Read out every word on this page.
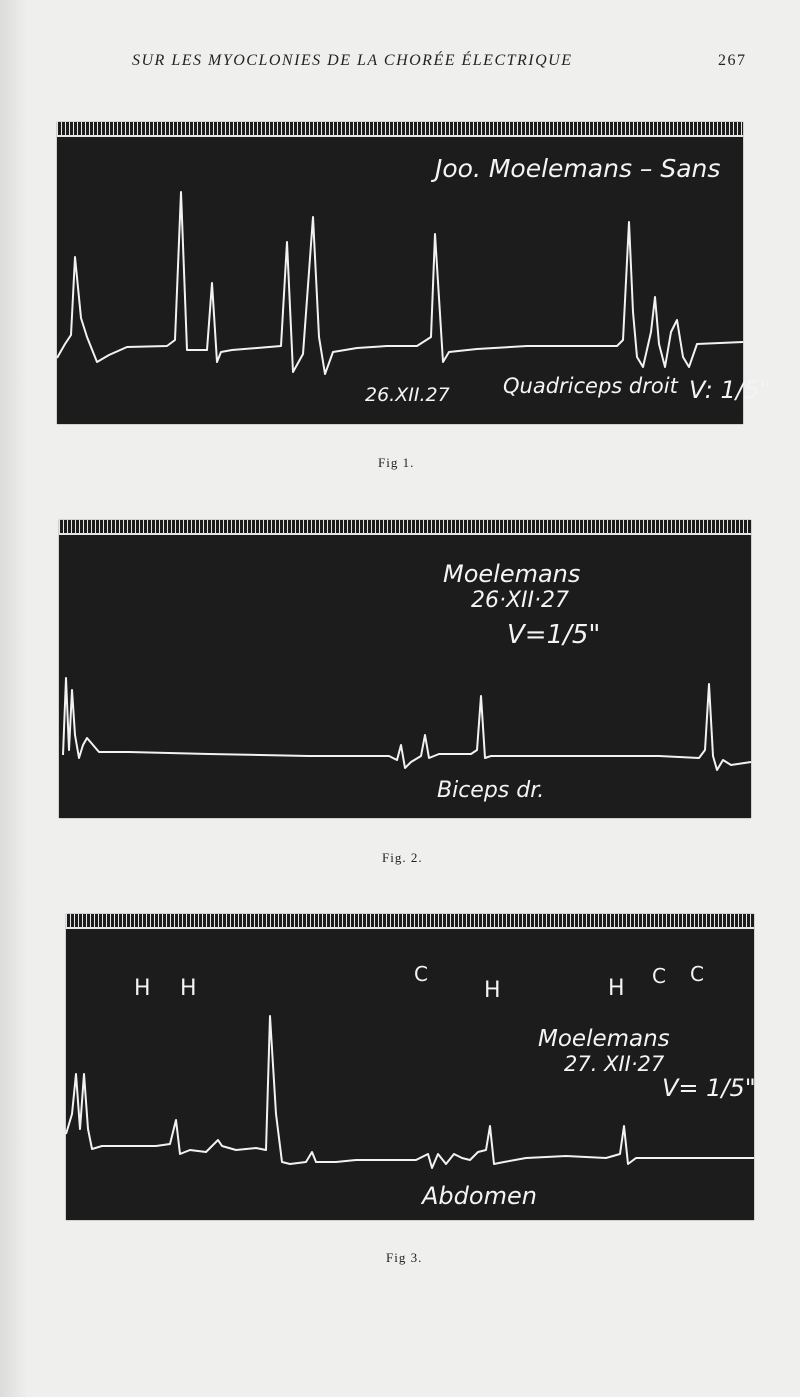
SUR LES MYOCLONIES DE LA CHORÉE ÉLECTRIQUE	267
Joo. Moelemans – Sans
26.XII.27	Quadriceps droit V: 1/5"
Fig 1.
Moelemans
26·XII·27
V=1/5"
Biceps dr.
Fig. 2.
H H
C
H	H C C
Moelemans
27. XII·27
V= 1/5"
Abdomen
Fig 3.
